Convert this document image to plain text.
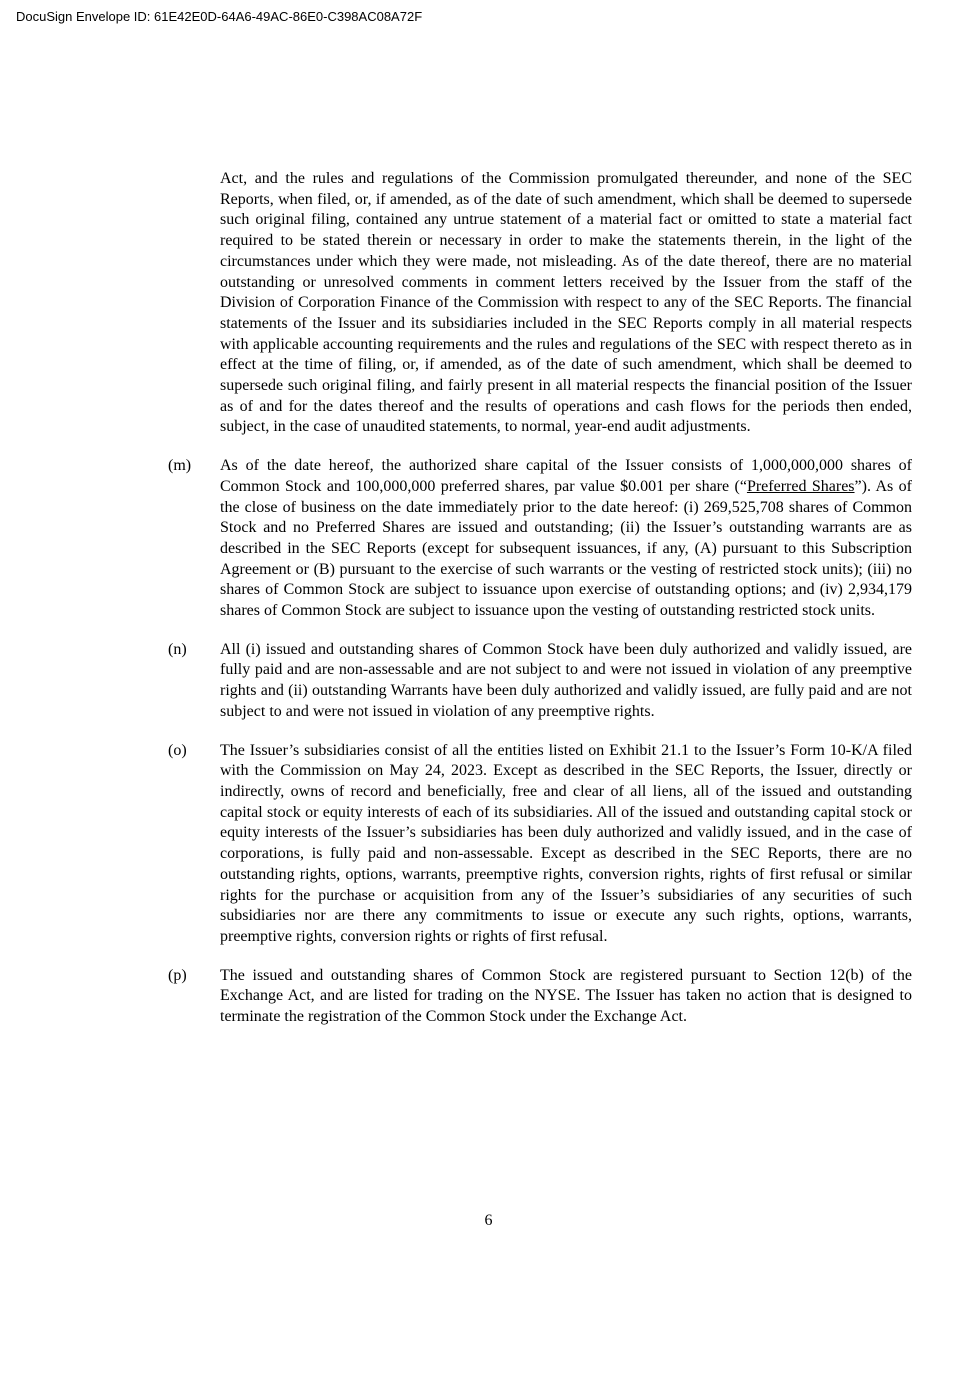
DocuSign Envelope ID: 61E42E0D-64A6-49AC-86E0-C398AC08A72F
Act, and the rules and regulations of the Commission promulgated thereunder, and none of the SEC Reports, when filed, or, if amended, as of the date of such amendment, which shall be deemed to supersede such original filing, contained any untrue statement of a material fact or omitted to state a material fact required to be stated therein or necessary in order to make the statements therein, in the light of the circumstances under which they were made, not misleading. As of the date thereof, there are no material outstanding or unresolved comments in comment letters received by the Issuer from the staff of the Division of Corporation Finance of the Commission with respect to any of the SEC Reports. The financial statements of the Issuer and its subsidiaries included in the SEC Reports comply in all material respects with applicable accounting requirements and the rules and regulations of the SEC with respect thereto as in effect at the time of filing, or, if amended, as of the date of such amendment, which shall be deemed to supersede such original filing, and fairly present in all material respects the financial position of the Issuer as of and for the dates thereof and the results of operations and cash flows for the periods then ended, subject, in the case of unaudited statements, to normal, year-end audit adjustments.
(m)	As of the date hereof, the authorized share capital of the Issuer consists of 1,000,000,000 shares of Common Stock and 100,000,000 preferred shares, par value $0.001 per share (“Preferred Shares”). As of the close of business on the date immediately prior to the date hereof: (i) 269,525,708 shares of Common Stock and no Preferred Shares are issued and outstanding; (ii) the Issuer’s outstanding warrants are as described in the SEC Reports (except for subsequent issuances, if any, (A) pursuant to this Subscription Agreement or (B) pursuant to the exercise of such warrants or the vesting of restricted stock units); (iii) no shares of Common Stock are subject to issuance upon exercise of outstanding options; and (iv) 2,934,179 shares of Common Stock are subject to issuance upon the vesting of outstanding restricted stock units.
(n)	All (i) issued and outstanding shares of Common Stock have been duly authorized and validly issued, are fully paid and are non-assessable and are not subject to and were not issued in violation of any preemptive rights and (ii) outstanding Warrants have been duly authorized and validly issued, are fully paid and are not subject to and were not issued in violation of any preemptive rights.
(o)	The Issuer’s subsidiaries consist of all the entities listed on Exhibit 21.1 to the Issuer’s Form 10-K/A filed with the Commission on May 24, 2023. Except as described in the SEC Reports, the Issuer, directly or indirectly, owns of record and beneficially, free and clear of all liens, all of the issued and outstanding capital stock or equity interests of each of its subsidiaries. All of the issued and outstanding capital stock or equity interests of the Issuer’s subsidiaries has been duly authorized and validly issued, and in the case of corporations, is fully paid and non-assessable. Except as described in the SEC Reports, there are no outstanding rights, options, warrants, preemptive rights, conversion rights, rights of first refusal or similar rights for the purchase or acquisition from any of the Issuer’s subsidiaries of any securities of such subsidiaries nor are there any commitments to issue or execute any such rights, options, warrants, preemptive rights, conversion rights or rights of first refusal.
(p)	The issued and outstanding shares of Common Stock are registered pursuant to Section 12(b) of the Exchange Act, and are listed for trading on the NYSE. The Issuer has taken no action that is designed to terminate the registration of the Common Stock under the Exchange Act.
6
